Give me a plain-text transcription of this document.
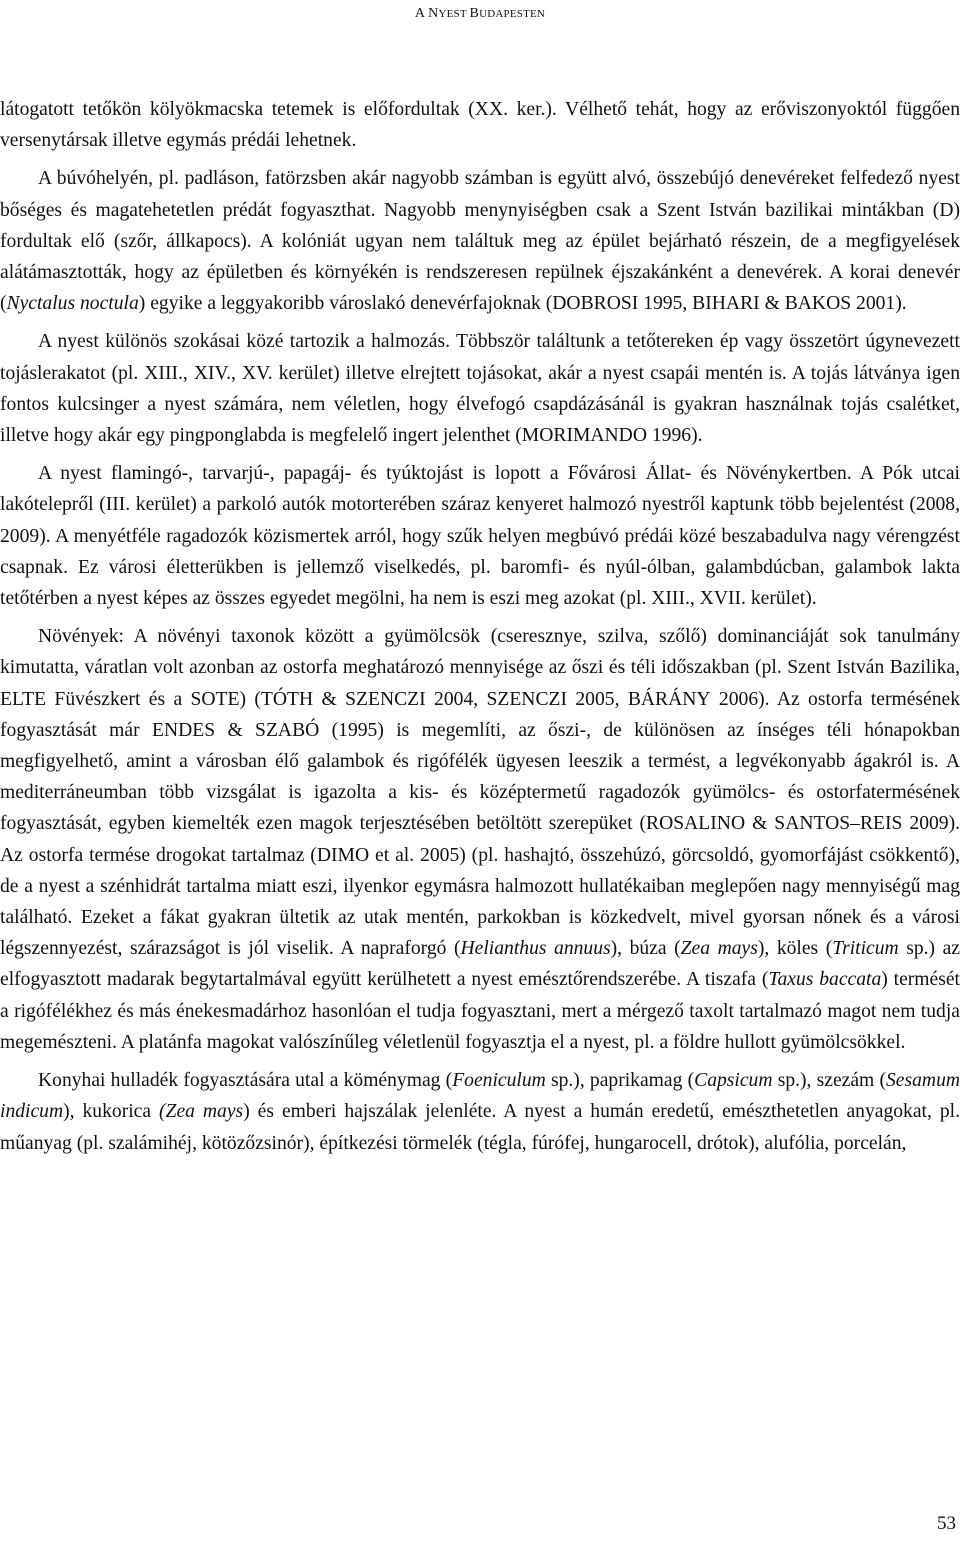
A NYEST BUDAPESTEN

látogatott tetőkön kölyökmacska tetemek is előfordultak (XX. ker.). Vélhető tehát, hogy az erőviszonyoktól függően versenytársak illetve egymás prédái lehetnek.

A búvóhelyén, pl. padláson, fatörzsben akár nagyobb számban is együtt alvó, összebújó denevéreket felfedező nyest bőséges és magatehetetlen prédát fogyaszthat. Nagyobb menynyiségben csak a Szent István bazilikai mintákban (D) fordultak elő (szőr, állkapocs). A kolóniát ugyan nem találtuk meg az épület bejárható részein, de a megfigyelések alátámasztották, hogy az épületben és környékén is rendszeresen repülnek éjszakánként a denevérek. A korai denevér (Nyctalus noctula) egyike a leggyakoribb városlakó denevérfajoknak (DOBROSI 1995, BIHARI & BAKOS 2001).

A nyest különös szokásai közé tartozik a halmozás. Többször találtunk a tetőtereken ép vagy összetört úgynevezett tojáslerakatot (pl. XIII., XIV., XV. kerület) illetve elrejtett tojásokat, akár a nyest csapái mentén is. A tojás látványa igen fontos kulcsinger a nyest számára, nem véletlen, hogy élvefogó csapdázásánál is gyakran használnak tojás csalétket, illetve hogy akár egy pingponglabda is megfelelő ingert jelenthet (MORIMANDO 1996).

A nyest flamingó-, tarvarjú-, papagáj- és tyúktojást is lopott a Fővárosi Állat- és Növénykertben. A Pók utcai lakótelepről (III. kerület) a parkoló autók motorterében száraz kenyeret halmozó nyestről kaptunk több bejelentést (2008, 2009). A menyétféle ragadozók közismertek arról, hogy szűk helyen megbúvó prédái közé beszabadulva nagy vérengzést csapnak. Ez városi életterükben is jellemző viselkedés, pl. baromfi- és nyúl-ólban, galambdúcban, galambok lakta tetőtérben a nyest képes az összes egyedet megölni, ha nem is eszi meg azokat (pl. XIII., XVII. kerület).

Növények: A növényi taxonok között a gyümölcsök (cseresznye, szilva, szőlő) dominanciáját sok tanulmány kimutatta, váratlan volt azonban az ostorfa meghatározó mennyisége az őszi és téli időszakban (pl. Szent István Bazilika, ELTE Füvészkert és a SOTE) (TÓTH & SZENCZI 2004, SZENCZI 2005, BÁRÁNY 2006). Az ostorfa termésének fogyasztását már ENDES & SZABÓ (1995) is megemlíti, az őszi-, de különösen az ínséges téli hónapokban megfigyelhető, amint a városban élő galambok és rigófélék ügyesen leeszik a termést, a legvékonyabb ágakról is. A mediterráneumban több vizsgálat is igazolta a kis- és középtermetű ragadozók gyümölcs- és ostorfatermésének fogyasztását, egyben kiemelték ezen magok terjesztésében betöltött szerepüket (ROSALINO & SANTOS–REIS 2009). Az ostorfa termése drogokat tartalmaz (DIMO et al. 2005) (pl. hashajtó, összehúzó, görcsoldó, gyomorfájást csökkentő), de a nyest a szénhidrát tartalma miatt eszi, ilyenkor egymásra halmozott hullatékaiban meglepően nagy mennyiségű mag található. Ezeket a fákat gyakran ültetik az utak mentén, parkokban is közkedvelt, mivel gyorsan nőnek és a városi légszennyezést, szárazságot is jól viselik. A napraforgó (Helianthus annuus), búza (Zea mays), köles (Triticum sp.) az elfogyasztott madarak begytartalmával együtt kerülhetett a nyest emésztőrendszerébe. A tiszafa (Taxus baccata) termését a rigófélékhez és más énekesmadárhoz hasonlóan el tudja fogyasztani, mert a mérgező taxolt tartalmazó magot nem tudja megemészteni. A platánfa magokat valószínűleg véletlenül fogyasztja el a nyest, pl. a földre hullott gyümölcsökkel.

Konyhai hulladék fogyasztására utal a köménymag (Foeniculum sp.), paprikamag (Capsicum sp.), szezám (Sesamum indicum), kukorica (Zea mays) és emberi hajszálak jelenléte. A nyest a humán eredetű, emészthetetlen anyagokat, pl. műanyag (pl. szalámihéj, kötözőzsinór), építkezési törmelék (tégla, fúrófej, hungarocell, drótok), alufólia, porcelán,

53
